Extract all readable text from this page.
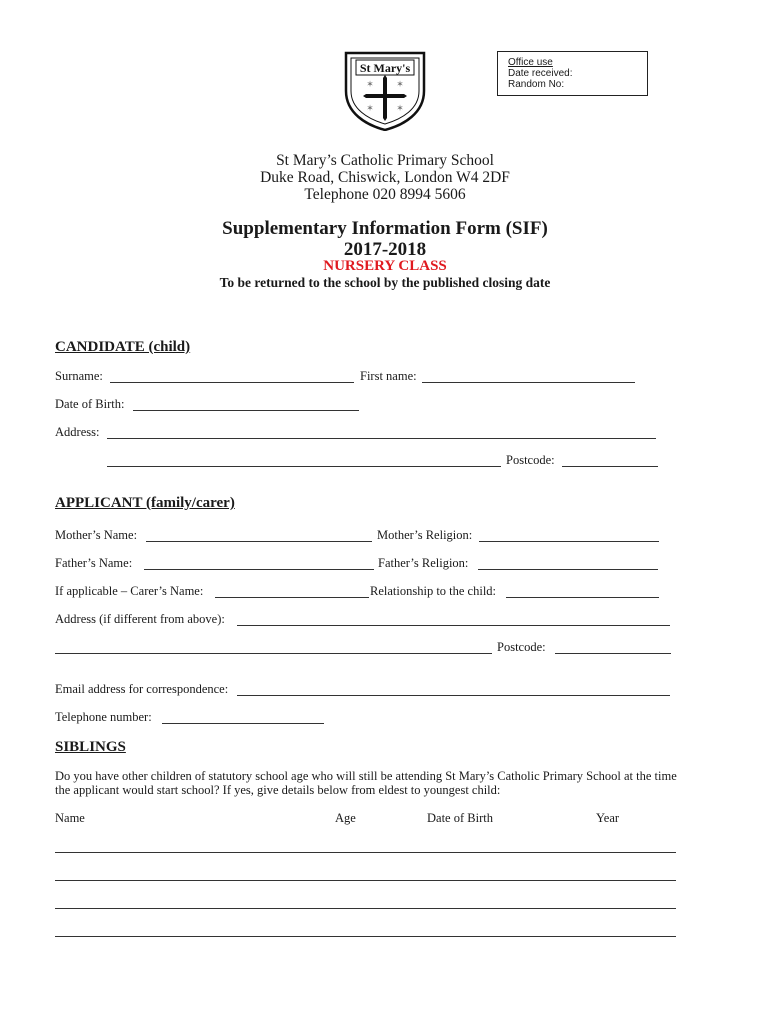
Office use
Date received:
Random No:
St Mary's
✶ ✶
✶ ✶
St Mary’s Catholic Primary School
Duke Road, Chiswick, London W4 2DF
Telephone 020 8994 5606
Supplementary Information Form (SIF)
2017-2018
NURSERY CLASS
To be returned to the school by the published closing date
CANDIDATE (child)
Surname:	First name:
Date of Birth:
Address:
Postcode:
APPLICANT (family/carer)
Mother’s Name:	Mother’s Religion:
Father’s Name:	Father’s Religion:
If applicable – Carer’s Name:	Relationship to the child:
Address (if different from above):
Postcode:
Email address for correspondence:
Telephone number:
SIBLINGS
Do you have other children of statutory school age who will still be attending St Mary’s Catholic Primary School at the time
the applicant would start school? If yes, give details below from eldest to youngest child:
Name	Age	Date of Birth	Year
